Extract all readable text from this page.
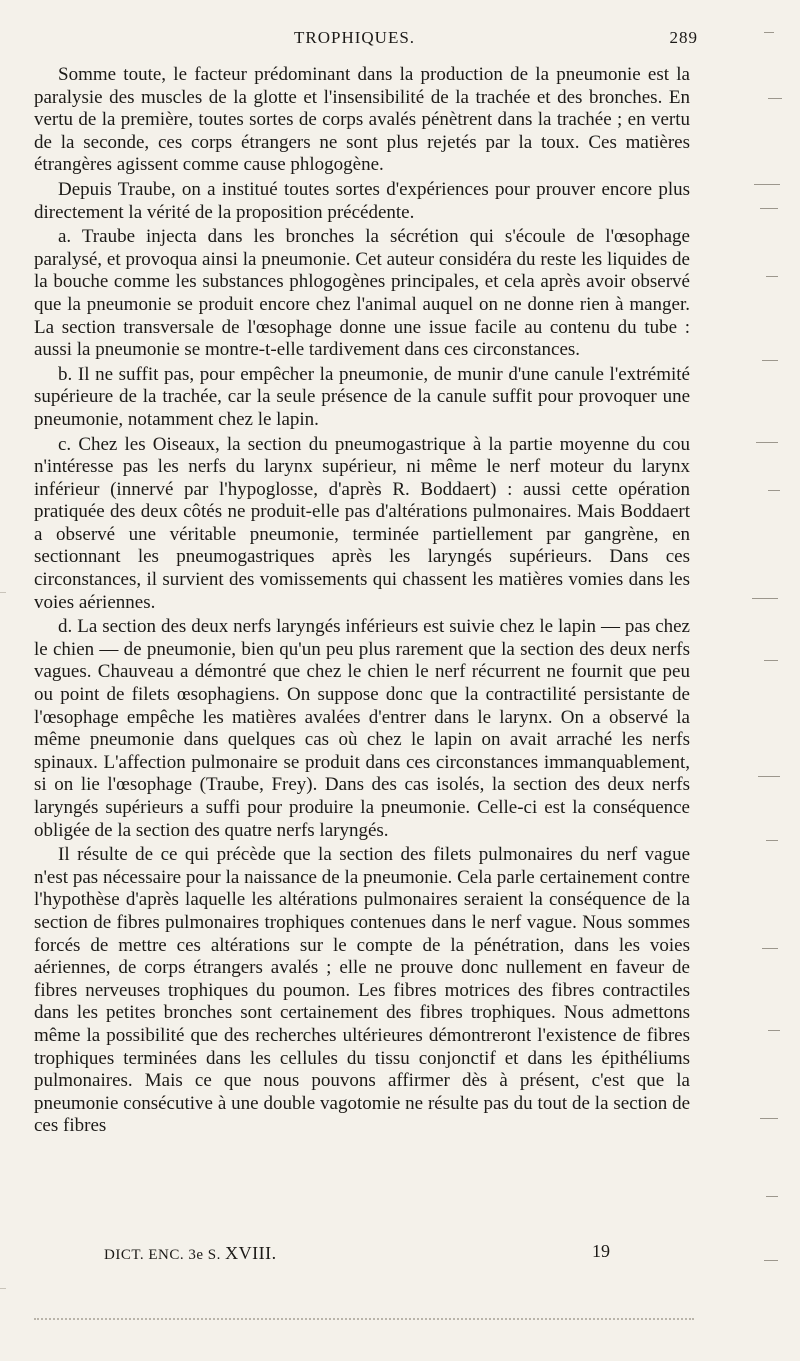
TROPHIQUES.	289

Somme toute, le facteur prédominant dans la production de la pneumonie est la paralysie des muscles de la glotte et l'insensibilité de la trachée et des bronches. En vertu de la première, toutes sortes de corps avalés pénètrent dans la trachée ; en vertu de la seconde, ces corps étrangers ne sont plus rejetés par la toux. Ces matières étrangères agissent comme cause phlogogène.

Depuis Traube, on a institué toutes sortes d'expériences pour prouver encore plus directement la vérité de la proposition précédente.

a. Traube injecta dans les bronches la sécrétion qui s'écoule de l'œsophage paralysé, et provoqua ainsi la pneumonie. Cet auteur considéra du reste les liquides de la bouche comme les substances phlogogènes principales, et cela après avoir observé que la pneumonie se produit encore chez l'animal auquel on ne donne rien à manger. La section transversale de l'œsophage donne une issue facile au contenu du tube : aussi la pneumonie se montre-t-elle tardivement dans ces circonstances.

b. Il ne suffit pas, pour empêcher la pneumonie, de munir d'une canule l'extrémité supérieure de la trachée, car la seule présence de la canule suffit pour provoquer une pneumonie, notamment chez le lapin.

c. Chez les Oiseaux, la section du pneumogastrique à la partie moyenne du cou n'intéresse pas les nerfs du larynx supérieur, ni même le nerf moteur du larynx inférieur (innervé par l'hypoglosse, d'après R. Boddaert) : aussi cette opération pratiquée des deux côtés ne produit-elle pas d'altérations pulmonaires. Mais Boddaert a observé une véritable pneumonie, terminée partiellement par gangrène, en sectionnant les pneumogastriques après les laryngés supérieurs. Dans ces circonstances, il survient des vomissements qui chassent les matières vomies dans les voies aériennes.

d. La section des deux nerfs laryngés inférieurs est suivie chez le lapin — pas chez le chien — de pneumonie, bien qu'un peu plus rarement que la section des deux nerfs vagues. Chauveau a démontré que chez le chien le nerf récurrent ne fournit que peu ou point de filets œsophagiens. On suppose donc que la contractilité persistante de l'œsophage empêche les matières avalées d'entrer dans le larynx. On a observé la même pneumonie dans quelques cas où chez le lapin on avait arraché les nerfs spinaux. L'affection pulmonaire se produit dans ces circonstances immanquablement, si on lie l'œsophage (Traube, Frey). Dans des cas isolés, la section des deux nerfs laryngés supérieurs a suffi pour produire la pneumonie. Celle-ci est la conséquence obligée de la section des quatre nerfs laryngés.

Il résulte de ce qui précède que la section des filets pulmonaires du nerf vague n'est pas nécessaire pour la naissance de la pneumonie. Cela parle certainement contre l'hypothèse d'après laquelle les altérations pulmonaires seraient la conséquence de la section de fibres pulmonaires trophiques contenues dans le nerf vague. Nous sommes forcés de mettre ces altérations sur le compte de la pénétration, dans les voies aériennes, de corps étrangers avalés ; elle ne prouve donc nullement en faveur de fibres nerveuses trophiques du poumon. Les fibres motrices des fibres contractiles dans les petites bronches sont certainement des fibres trophiques. Nous admettons même la possibilité que des recherches ultérieures démontreront l'existence de fibres trophiques terminées dans les cellules du tissu conjonctif et dans les épithéliums pulmonaires. Mais ce que nous pouvons affirmer dès à présent, c'est que la pneumonie consécutive à une double vagotomie ne résulte pas du tout de la section de ces fibres

DICT. ENC. 3e S. XVIII.	19
